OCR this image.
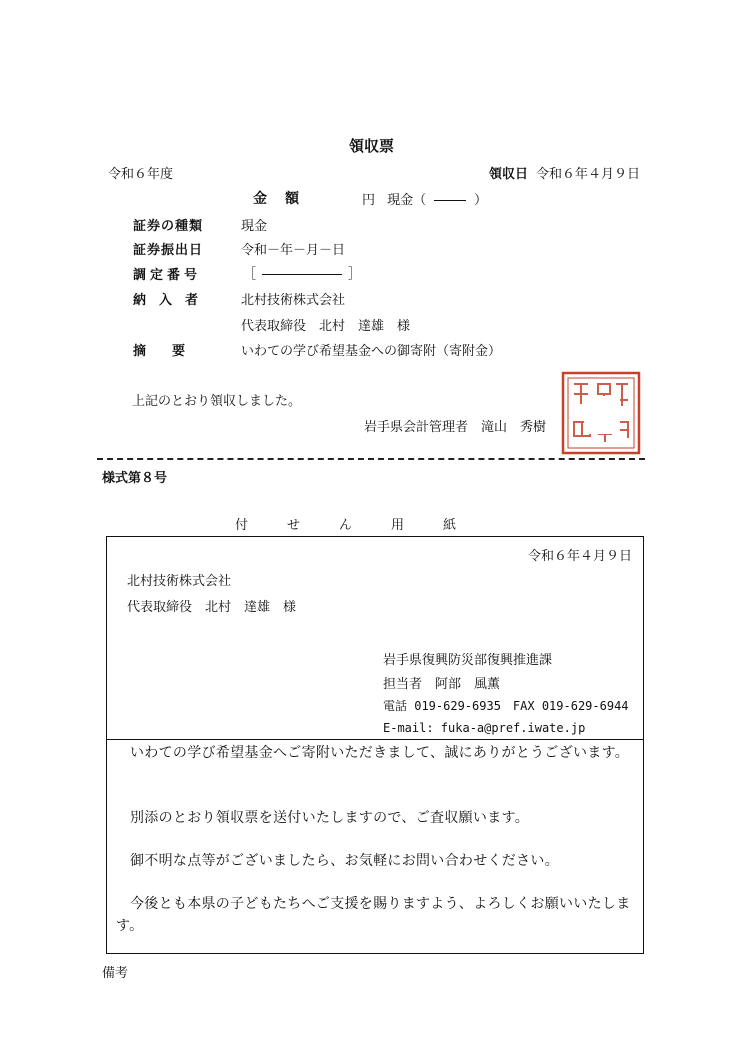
領収票
令和６年度	領収日 令和６年４月９日
金　額	円 現金（	）
証券の種類	現金
証券振出日	令和－年－月－日
調定番号	［	］
納　入　者	北村技術株式会社
代表取締役　北村　達雄　様
摘　　要	いわての学び希望基金への御寄附（寄附金）
上記のとおり領収しました。
岩手県会計管理者　滝山　秀樹
様式第８号
付　　　せ　　　ん　　　用　　　紙
令和６年４月９日
北村技術株式会社
代表取締役　北村　達雄　様
岩手県復興防災部復興推進課
担当者　阿部　風薫
電話 019-629-6935　FAX 019-629-6944
E-mail: fuka-a@pref.iwate.jp
いわての学び希望基金へご寄附いただきまして、誠にありがとうございます。
別添のとおり領収票を送付いたしますので、ご査収願います。
御不明な点等がございましたら、お気軽にお問い合わせください。
今後とも本県の子どもたちへご支援を賜りますよう、よろしくお願いいたします。
備考
